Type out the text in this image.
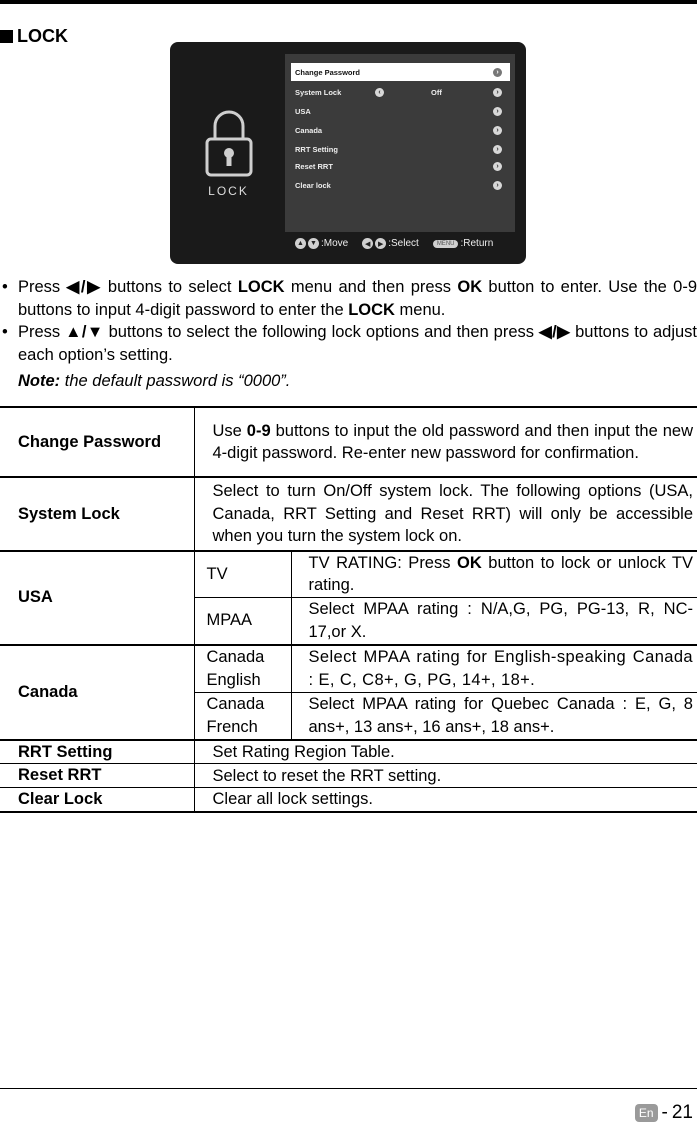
LOCK
LOCK
Change Password	›
System Lock	‹	Off	›
USA	›
Canada	›
RRT Setting	›
Reset RRT	›
Clear lock	›
▲ ▼ :Move	◀	▶ :Select	MENU :Return
• Press ◀/▶ buttons to select LOCK menu and then press OK button to enter. Use the 0-9 buttons to input 4-digit password to enter the LOCK menu.
• Press ▲/▼ buttons to select the following lock options and then press ◀/▶ buttons to adjust each option’s setting.
Note: the default password is “0000”.
Change Password	Use 0-9 buttons to input the old password and then input the new 4-digit password. Re-enter new password for confirmation.	
System Lock	Select to turn On/Off system lock. The following options (USA, Canada, RRT Setting and Reset RRT) will only be accessible when you turn the system lock on.	
USA	TV	TV RATING: Press OK button to lock or unlock TV rating.
	MPAA	Select MPAA rating : N/A,G, PG, PG-13, R, NC-17,or X.
Canada	Canada English	Select MPAA rating for English-speaking Canada : E, C, C8+, G, PG, 14+, 18+.
	Canada French	Select MPAA rating for Quebec Canada : E, G, 8 ans+, 13 ans+, 16 ans+, 18 ans+.
RRT Setting	Set Rating Region Table.	
Reset RRT	Select to reset the RRT setting.	
Clear Lock	Clear all lock settings.	
En - 21
